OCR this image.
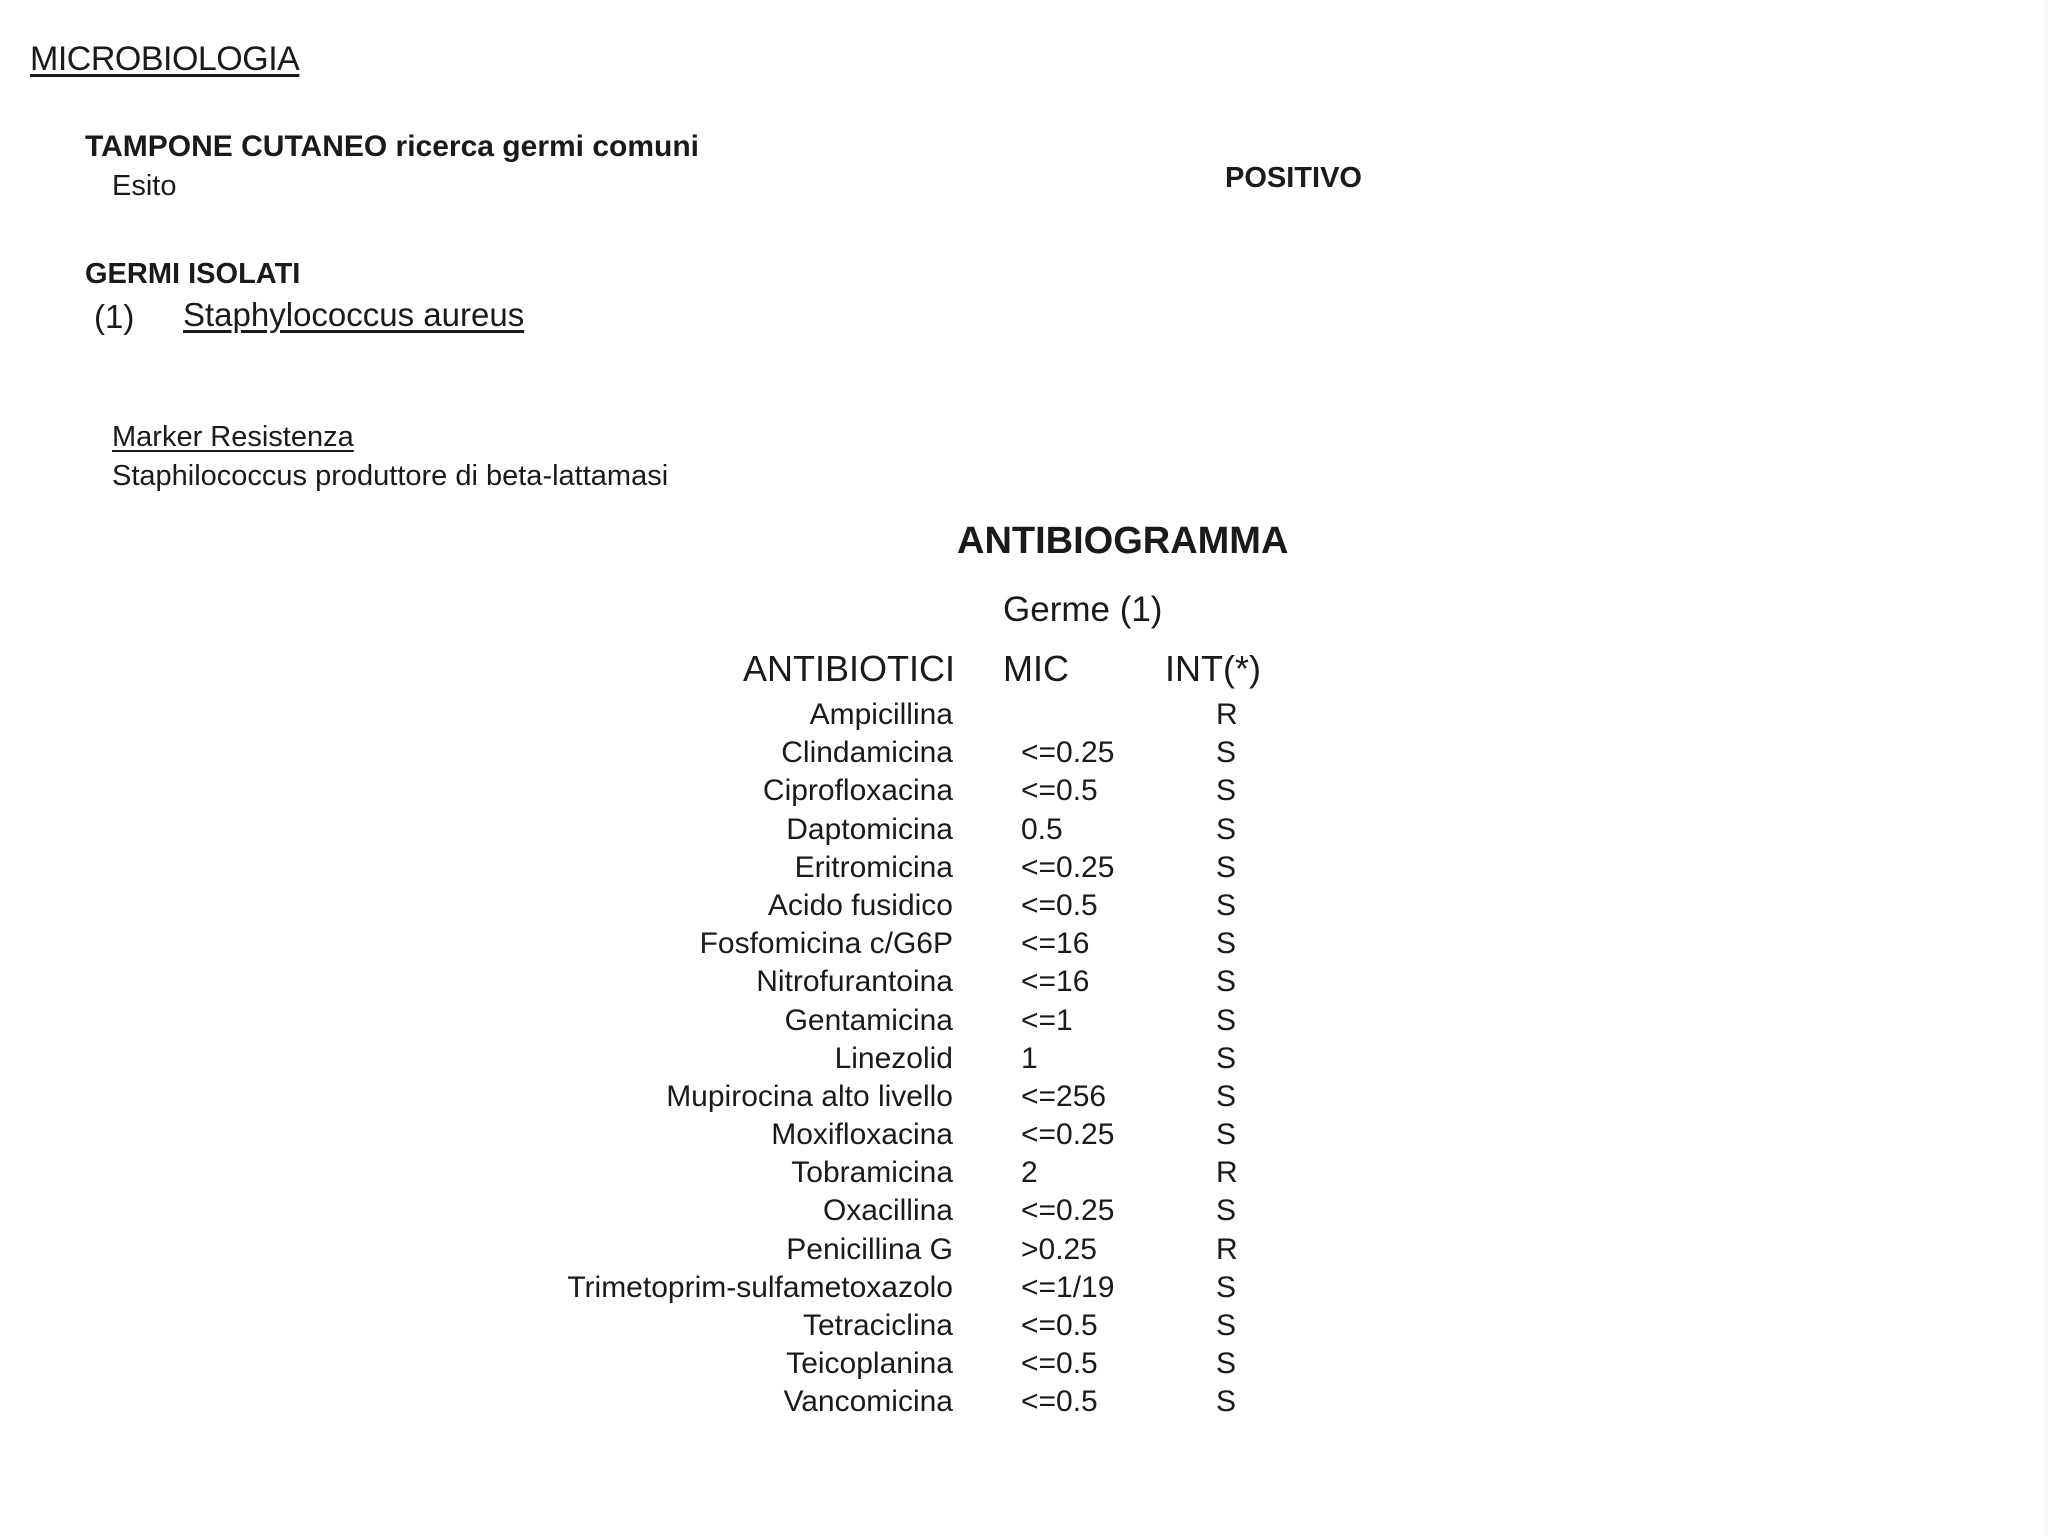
MICROBIOLOGIA
TAMPONE CUTANEO ricerca germi comuni
Esito	POSITIVO
GERMI ISOLATI
(1) Staphylococcus aureus
Marker Resistenza
Staphilococcus produttore di beta-lattamasi
ANTIBIOGRAMMA
Germe (1)
ANTIBIOTICI MIC	INT(*)
Ampicillina	R
Clindamicina <=0.25	S
Ciprofloxacina <=0.5	S
Daptomicina 0.5	S
Eritromicina <=0.25	S
Acido fusidico <=0.5	S
Fosfomicina c/G6P <=16	S
Nitrofurantoina <=16	S
Gentamicina <=1	S
Linezolid 1	S
Mupirocina alto livello <=256	S
Moxifloxacina <=0.25	S
Tobramicina 2	R
Oxacillina <=0.25	S
Penicillina G >0.25	R
Trimetoprim-sulfametoxazolo <=1/19	S
Tetraciclina <=0.5	S
Teicoplanina <=0.5	S
Vancomicina <=0.5	S
